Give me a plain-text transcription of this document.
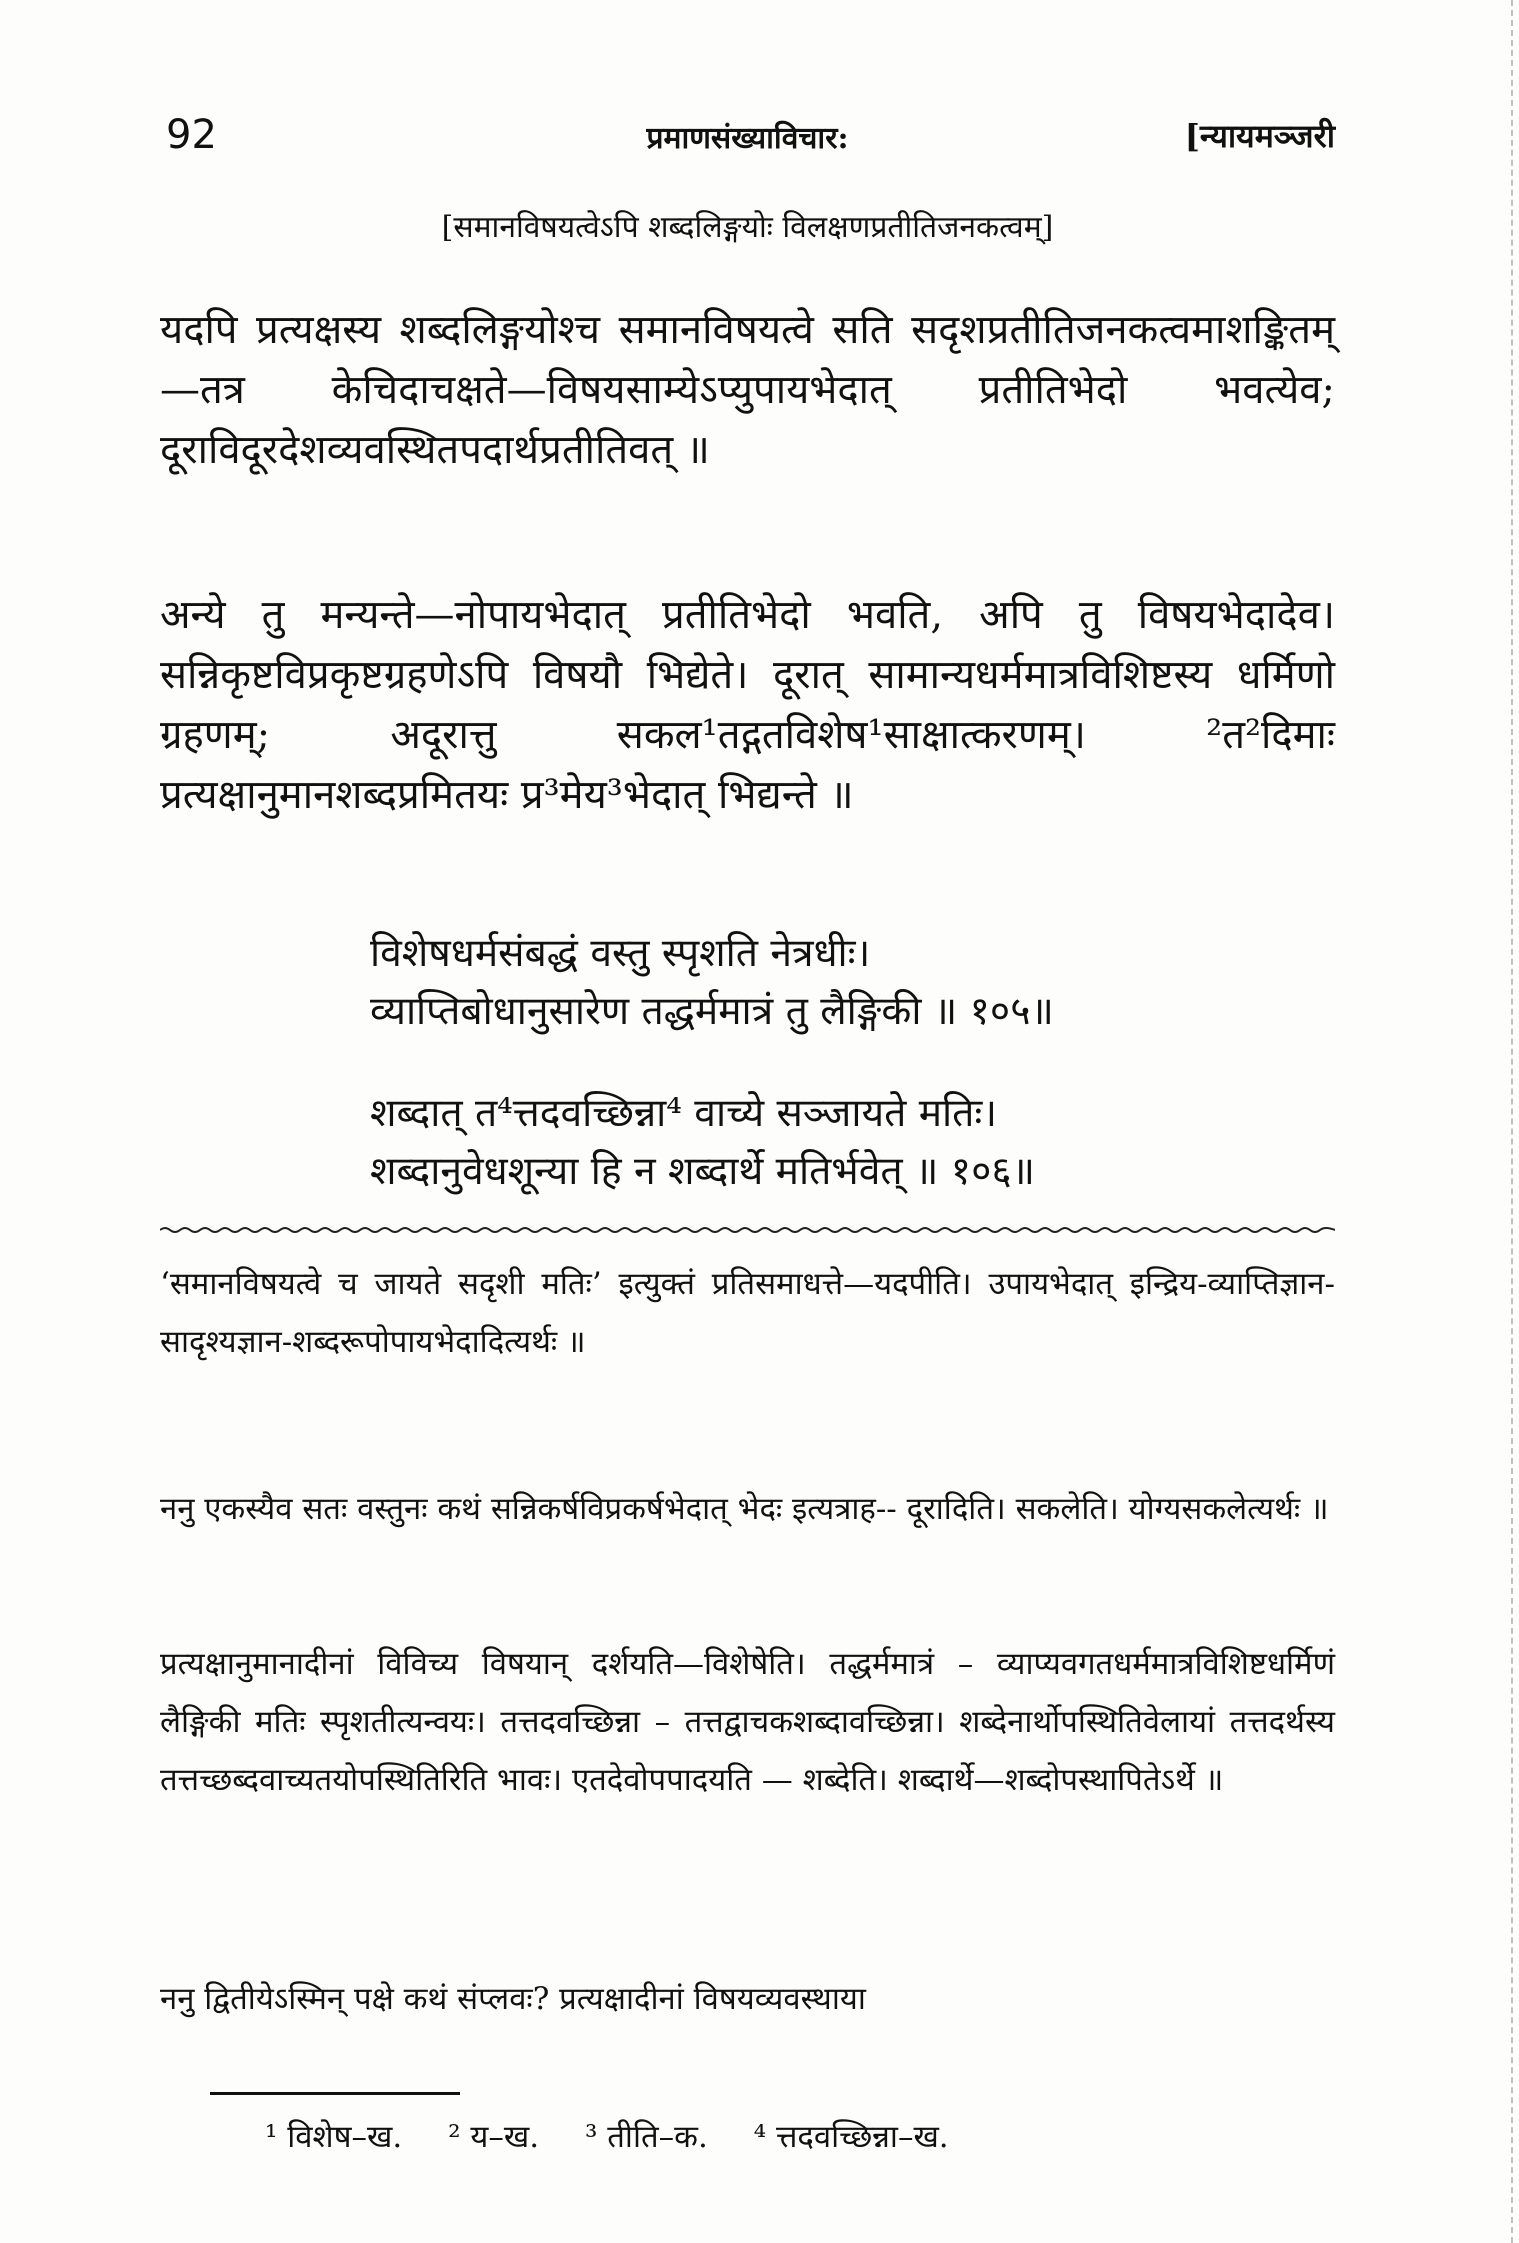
92	प्रमाणसंख्याविचार:	[न्यायमञ्जरी
[समानविषयत्वेऽपि शब्दलिङ्गयोः विलक्षणप्रतीतिजनकत्वम्]
यदपि प्रत्यक्षस्य शब्दलिङ्गयोश्च समानविषयत्वे सति सदृशप्रतीतिजनकत्वमाशङ्कितम्—तत्र केचिदाचक्षते—विषयसाम्येऽप्युपायभेदात् प्रतीतिभेदो भवत्येव; दूराविदूरदेशव्यवस्थितपदार्थप्रतीतिवत् ॥
अन्ये तु मन्यन्ते—नोपायभेदात् प्रतीतिभेदो भवति, अपि तु विषयभेदादेव। सन्निकृष्टविप्रकृष्टग्रहणेऽपि विषयौ भिद्येते। दूरात् सामान्यधर्ममात्रविशिष्टस्य धर्मिणो ग्रहणम्; अदूरात्तु सकल¹तद्गतविशेष¹साक्षात्करणम्। ²त²दिमाः प्रत्यक्षानुमानशब्दप्रमितयः प्र³मेय³भेदात् भिद्यन्ते ॥
विशेषधर्मसंबद्धं वस्तु स्पृशति नेत्रधीः।
व्याप्तिबोधानुसारेण तद्धर्ममात्रं तु लैङ्गिकी ॥ १०५॥
शब्दात् त⁴त्तदवच्छिन्ना⁴ वाच्ये सञ्जायते मतिः।
शब्दानुवेधशून्या हि न शब्दार्थे मतिर्भवेत् ॥ १०६॥
‘समानविषयत्वे च जायते सदृशी मतिः’ इत्युक्तं प्रतिसमाधत्ते—यदपीति। उपायभेदात् इन्द्रिय-व्याप्तिज्ञान-सादृश्यज्ञान-शब्दरूपोपायभेदादित्यर्थः ॥
ननु एकस्यैव सतः वस्तुनः कथं सन्निकर्षविप्रकर्षभेदात् भेदः इत्यत्राह-- दूरादिति। सकलेति। योग्यसकलेत्यर्थः ॥
प्रत्यक्षानुमानादीनां विविच्य विषयान् दर्शयति—विशेषेति। तद्धर्ममात्रं – व्याप्यवगतधर्ममात्रविशिष्टधर्मिणं लैङ्गिकी मतिः स्पृशतीत्यन्वयः। तत्तदवच्छिन्ना – तत्तद्वाचकशब्दावच्छिन्ना। शब्देनार्थोपस्थितिवेलायां तत्तदर्थस्य तत्तच्छब्दवाच्यतयोपस्थितिरिति भावः। एतदेवोपपादयति — शब्देति। शब्दार्थे—शब्दोपस्थापितेऽर्थे ॥
ननु द्वितीयेऽस्मिन् पक्षे कथं संप्लवः? प्रत्यक्षादीनां विषयव्यवस्थाया
¹ विशेष–ख. ² य–ख. ³ तीति–क. ⁴ त्तदवच्छिन्ना–ख.
